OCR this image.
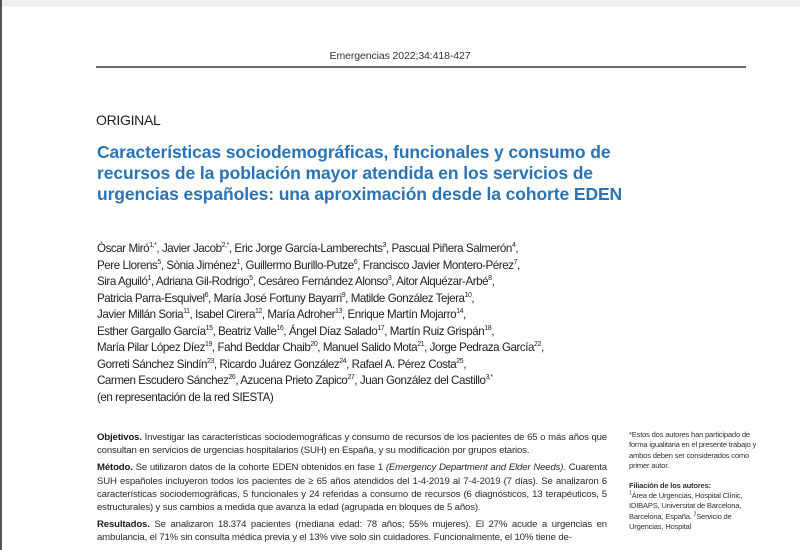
Emergencias 2022;34:418-427
ORIGINAL
Características sociodemográficas, funcionales y consumo de recursos de la población mayor atendida en los servicios de urgencias españoles: una aproximación desde la cohorte EDEN
Òscar Miró$^{1,*}$, Javier Jacob$^{2,*}$, Eric Jorge García-Lamberechts$^3$, Pascual Piñera Salmerón$^4$,
Pere Llorens$^5$, Sònia Jiménez$^1$, Guillermo Burillo-Putze$^6$, Francisco Javier Montero-Pérez$^7$,
Sira Aguiló$^1$, Adriana Gil-Rodrigo$^5$, Cesáreo Fernández Alonso$^3$, Aitor Alquézar-Arbé$^8$,
Patricia Parra-Esquivel$^6$, María José Fortuny Bayarri$^9$, Matilde González Tejera$^{10}$,
Javier Millán Soria$^{11}$, Isabel Cirera$^{12}$, María Adroher$^{13}$, Enrique Martín Mojarro$^{14}$,
Esther Gargallo García$^{15}$, Beatriz Valle$^{16}$, Ángel Díaz Salado$^{17}$, Martín Ruiz Grispán$^{18}$,
María Pilar López Díez$^{19}$, Fahd Beddar Chaib$^{20}$, Manuel Salido Mota$^{21}$, Jorge Pedraza García$^{22}$,
Gorreti Sánchez Sindín$^{23}$, Ricardo Juárez González$^{24}$, Rafael A. Pérez Costa$^{25}$,
Carmen Escudero Sánchez$^{26}$, Azucena Prieto Zapico$^{27}$, Juan González del Castillo$^{3,*}$
(en representación de la red SIESTA)

Objetivos. Investigar las características sociodemográficas y consumo de recursos de los pacientes de 65 o más años que consultan en servicios de urgencias hospitalarios (SUH) en España, y su modificación por grupos etarios.

Método. Se utilizaron datos de la cohorte EDEN obtenidos en fase 1 (Emergency Department and Elder Needs). Cuarenta SUH españoles incluyeron todos los pacientes de ≥ 65 años atendidos del 1-4-2019 al 7-4-2019 (7 días). Se analizaron 6 características sociodemográficas, 5 funcionales y 24 referidas a consumo de recursos (6 diagnósticos, 13 terapéuticos, 5 estructurales) y sus cambios a medida que avanza la edad (agrupada en bloques de 5 años).

Resultados. Se analizaron 18.374 pacientes (mediana edad: 78 años; 55% mujeres). El 27% acude a urgencias en ambulancia, el 71% sin consulta médica previa y el 13% vive solo sin cuidadores. Funcionalmente, el 10% tiene de-

*Estos dos autores han participado de forma igualitaria en el presente trabajo y ambos deben ser considerados como primer autor.

Filiación de los autores:
$^1$Área de Urgencias, Hospital Clínic, IDIBAPS, Universitat de Barcelona, Barcelona, España. $^2$Servicio de Urgencias, Hospital
